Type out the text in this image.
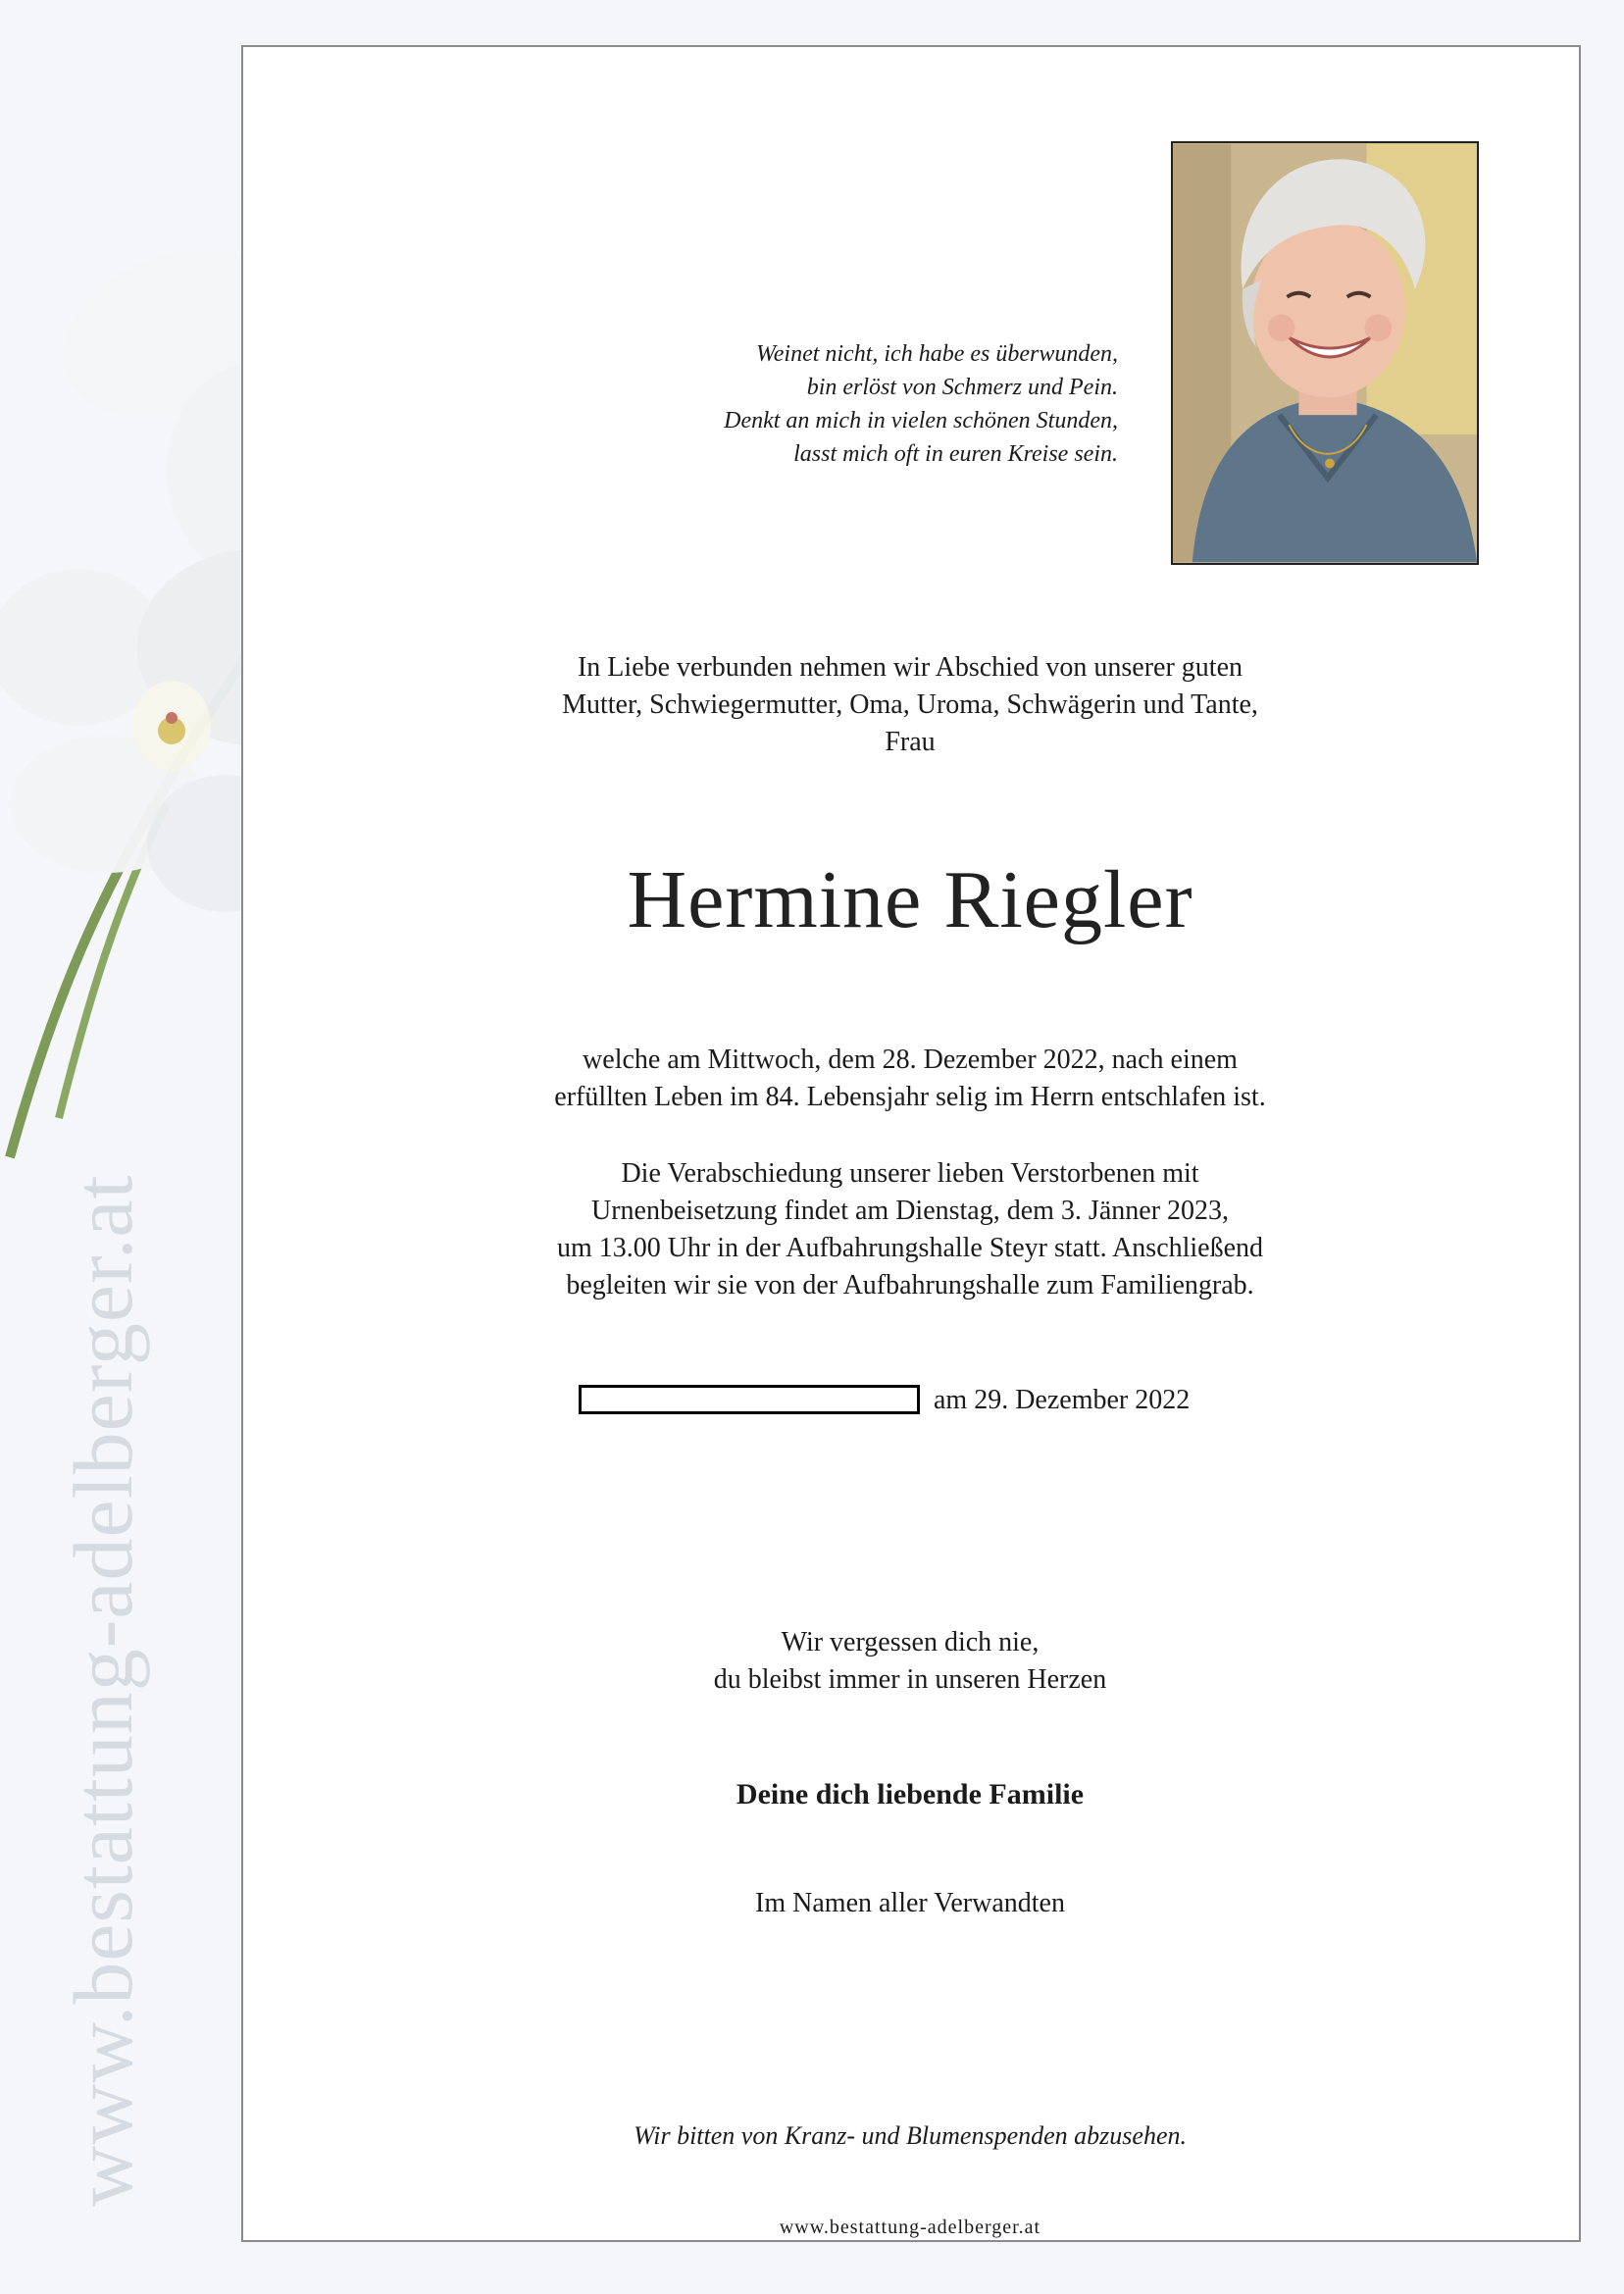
www.bestattung-adelberger.at
Weinet nicht, ich habe es überwunden,
bin erlöst von Schmerz und Pein.
Denkt an mich in vielen schönen Stunden,
lasst mich oft in euren Kreise sein.
In Liebe verbunden nehmen wir Abschied von unserer guten
Mutter, Schwiegermutter, Oma, Uroma, Schwägerin und Tante,
Frau
Hermine Riegler
welche am Mittwoch, dem 28. Dezember 2022, nach einem
erfüllten Leben im 84. Lebensjahr selig im Herrn entschlafen ist.
Die Verabschiedung unserer lieben Verstorbenen mit
Urnenbeisetzung findet am Dienstag, dem 3. Jänner 2023,
um 13.00 Uhr in der Aufbahrungshalle Steyr statt. Anschließend
begleiten wir sie von der Aufbahrungshalle zum Familiengrab.
am 29. Dezember 2022
Wir vergessen dich nie,
du bleibst immer in unseren Herzen
Deine dich liebende Familie
Im Namen aller Verwandten
Wir bitten von Kranz- und Blumenspenden abzusehen.
www.bestattung-adelberger.at
